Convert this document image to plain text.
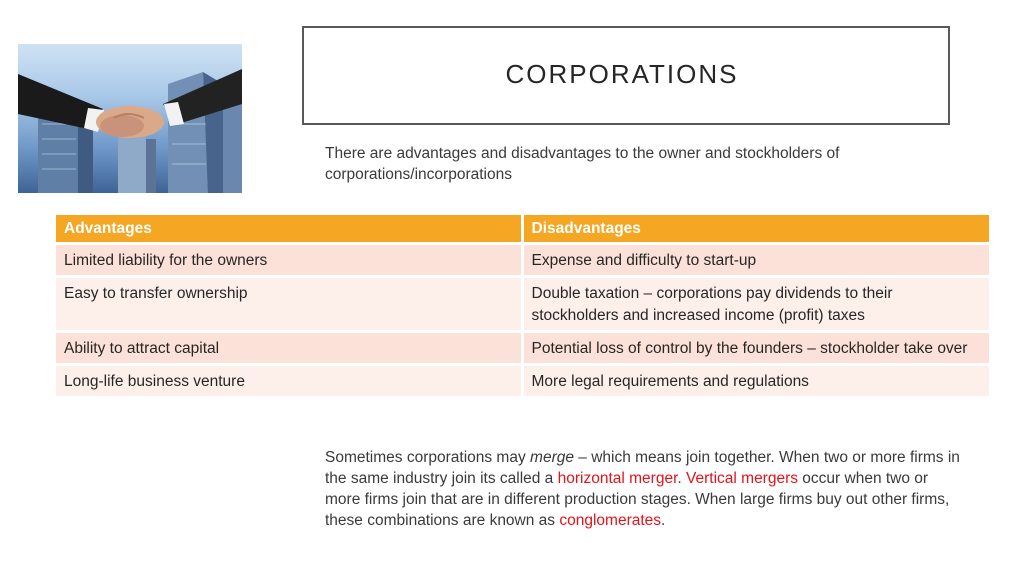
CORPORATIONS
There are advantages and disadvantages to the owner and stockholders of corporations/incorporations
Advantages	Disadvantages
Limited liability for the owners	Expense and difficulty to start-up
Easy to transfer ownership	Double taxation – corporations pay dividends to their stockholders and increased income (profit) taxes
Ability to attract capital	Potential loss of control by the founders – stockholder take over
Long-life business venture	More legal requirements and regulations
Sometimes corporations may merge – which means join together. When two or more firms in the same industry join its called a horizontal merger. Vertical mergers occur when two or more firms join that are in different production stages. When large firms buy out other firms, these combinations are known as conglomerates.
